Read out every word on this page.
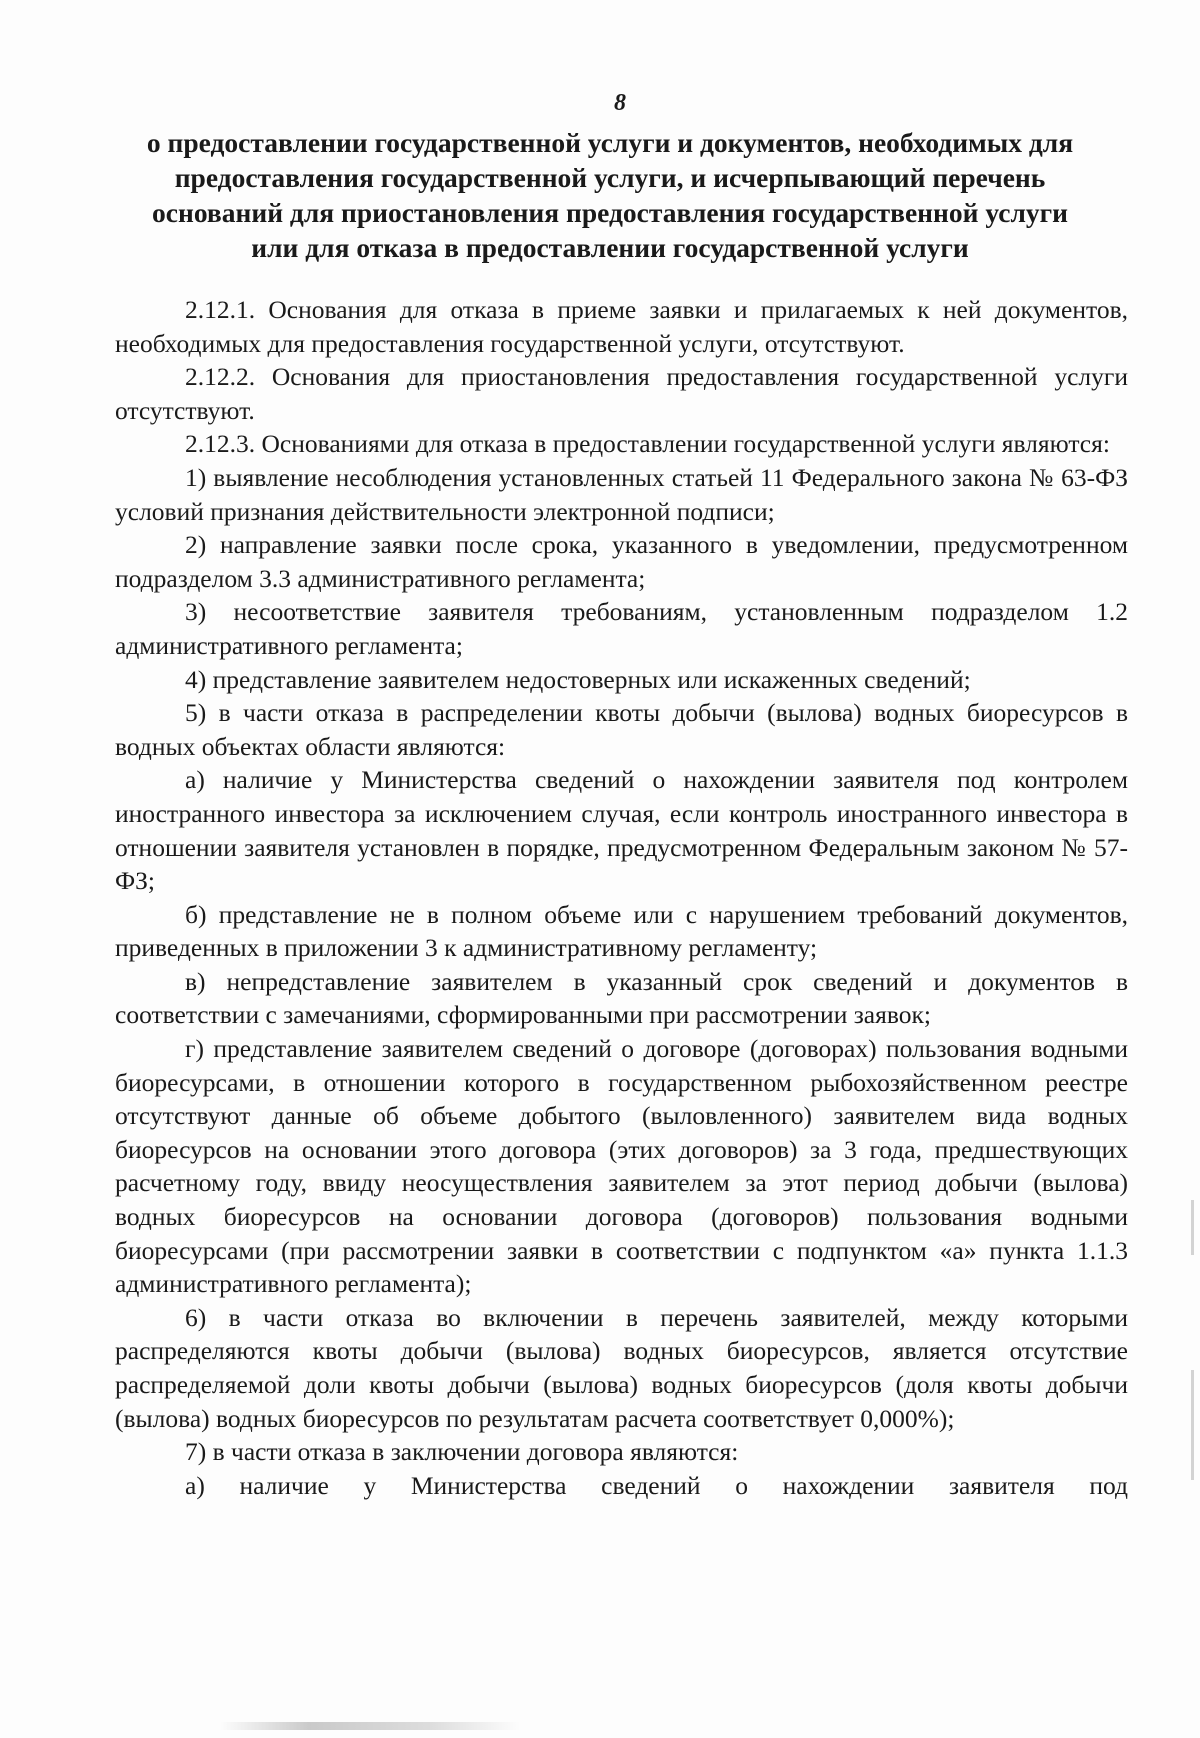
8
о предоставлении государственной услуги и документов, необходимых для
предоставления государственной услуги, и исчерпывающий перечень
оснований для приостановления предоставления государственной услуги
или для отказа в предоставлении государственной услуги

2.12.1. Основания для отказа в приеме заявки и прилагаемых к ней документов, необходимых для предоставления государственной услуги, отсутствуют.

2.12.2. Основания для приостановления предоставления государственной услуги отсутствуют.

2.12.3. Основаниями для отказа в предоставлении государственной услуги являются:

1) выявление несоблюдения установленных статьей 11 Федерального закона № 63-ФЗ условий признания действительности электронной подписи;

2) направление заявки после срока, указанного в уведомлении, предусмотренном подразделом 3.3 административного регламента;

3) несоответствие заявителя требованиям, установленным подразделом 1.2 административного регламента;

4) представление заявителем недостоверных или искаженных сведений;

5) в части отказа в распределении квоты добычи (вылова) водных биоресурсов в водных объектах области являются:

а) наличие у Министерства сведений о нахождении заявителя под контролем иностранного инвестора за исключением случая, если контроль иностранного инвестора в отношении заявителя установлен в порядке, предусмотренном Федеральным законом № 57-ФЗ;

б) представление не в полном объеме или с нарушением требований документов, приведенных в приложении 3 к административному регламенту;

в) непредставление заявителем в указанный срок сведений и документов в соответствии с замечаниями, сформированными при рассмотрении заявок;

г) представление заявителем сведений о договоре (договорах) пользования водными биоресурсами, в отношении которого в государственном рыбохозяйственном реестре отсутствуют данные об объеме добытого (выловленного) заявителем вида водных биоресурсов на основании этого договора (этих договоров) за 3 года, предшествующих расчетному году, ввиду неосуществления заявителем за этот период добычи (вылова) водных биоресурсов на основании договора (договоров) пользования водными биоресурсами (при рассмотрении заявки в соответствии с подпунктом «а» пункта 1.1.3 административного регламента);

6) в части отказа во включении в перечень заявителей, между которыми распределяются квоты добычи (вылова) водных биоресурсов, является отсутствие распределяемой доли квоты добычи (вылова) водных биоресурсов (доля квоты добычи (вылова) водных биоресурсов по результатам расчета соответствует 0,000%);

7) в части отказа в заключении договора являются:

а) наличие у Министерства сведений о нахождении заявителя под
